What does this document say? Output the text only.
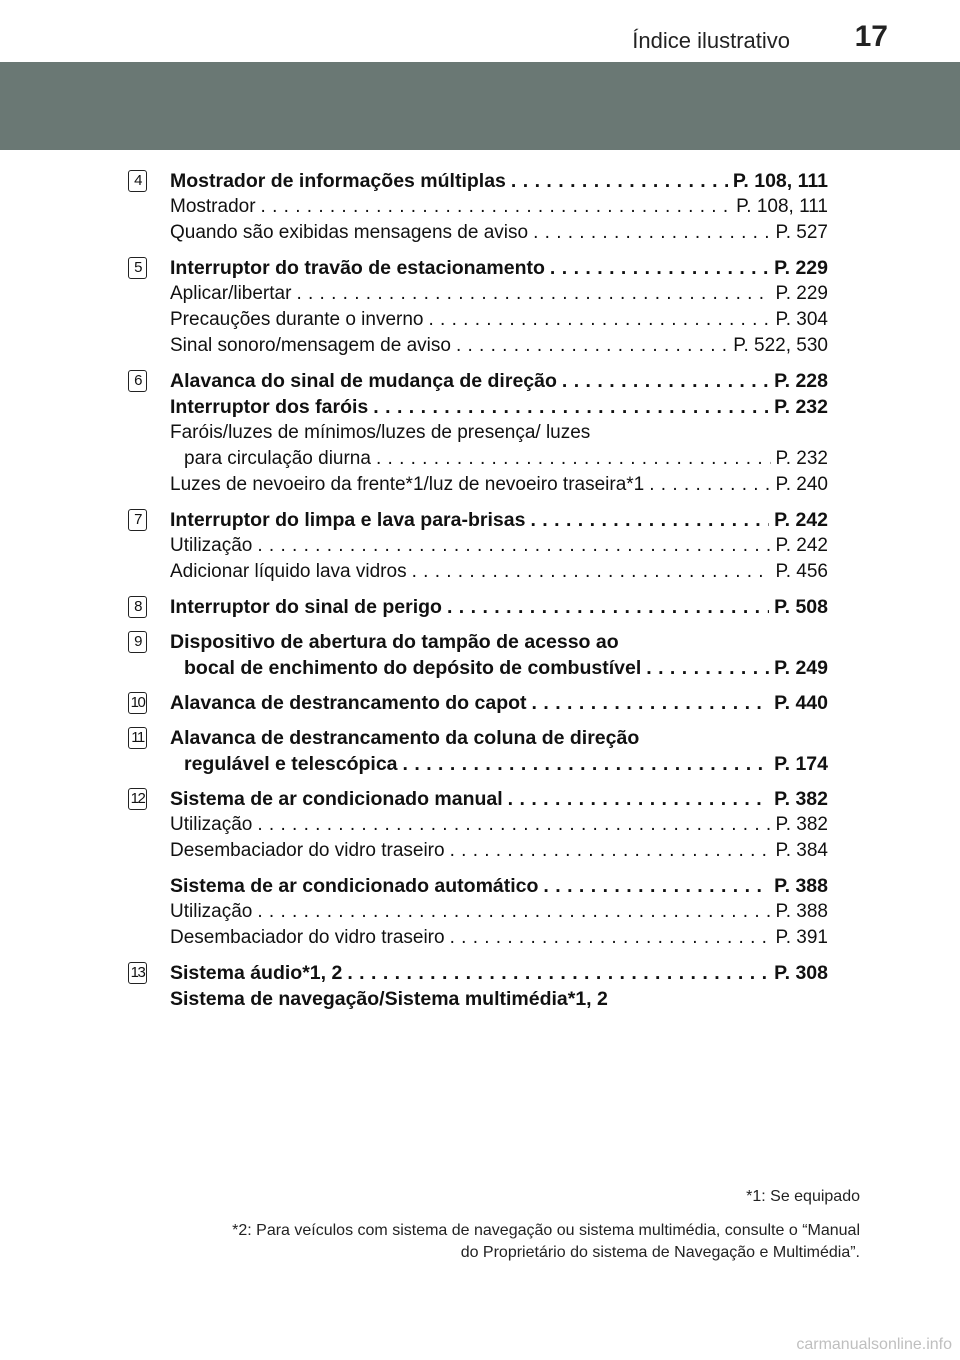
Índice ilustrativo 17
4	Mostrador de informações múltiplas . . .	P. 108, 111
Mostrador . . .	P. 108, 111
Quando são exibidas mensagens de aviso . . .	P. 527
5	Interruptor do travão de estacionamento . . .	P. 229
Aplicar/libertar . . .	P. 229
Precauções durante o inverno . . .	P. 304
Sinal sonoro/mensagem de aviso . . .	P. 522, 530
6	Alavanca do sinal de mudança de direção . . .	P. 228
Interruptor dos faróis . . .	P. 232
Faróis/luzes de mínimos/luzes de presença/ luzes
para circulação diurna . . .	P. 232
Luzes de nevoeiro da frente*1/luz de nevoeiro traseira*1 . . .	P. 240
7	Interruptor do limpa e lava para-brisas . . .	P. 242
Utilização . . .	P. 242
Adicionar líquido lava vidros . . .	P. 456
8	Interruptor do sinal de perigo . . .	P. 508
9	Dispositivo de abertura do tampão de acesso ao
bocal de enchimento do depósito de combustível . . .	P. 249
10 Alavanca de destrancamento do capot . . .	P. 440
11 Alavanca de destrancamento da coluna de direção
regulável e telescópica . . .	P. 174
12 Sistema de ar condicionado manual . . .	P. 382
Utilização . . .	P. 382
Desembaciador do vidro traseiro . . .	P. 384
Sistema de ar condicionado automático . . .	P. 388
Utilização . . .	P. 388
Desembaciador do vidro traseiro . . .	P. 391
13 Sistema áudio*1, 2 . . .	P. 308
Sistema de navegação/Sistema multimédia*1, 2
*1: Se equipado
*2: Para veículos com sistema de navegação ou sistema multimédia, consulte o “Manual
do Proprietário do sistema de Navegação e Multimédia”.
carmanualsonline.info
